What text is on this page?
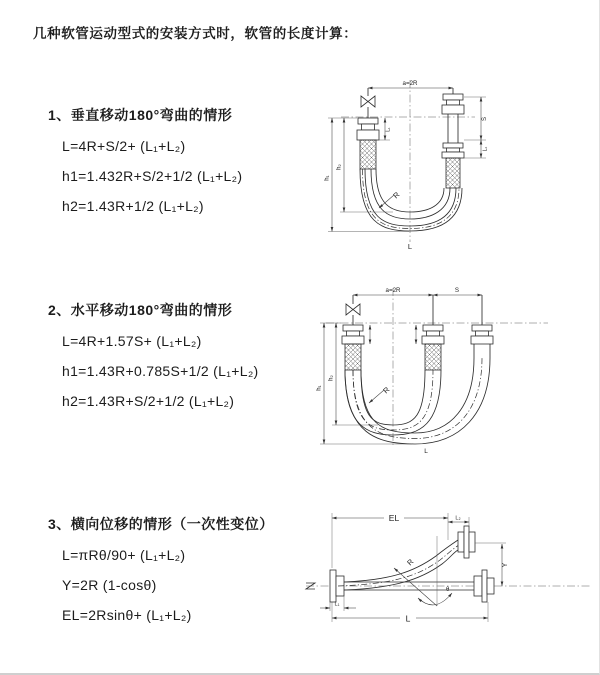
几种软管运动型式的安装方式时，软管的长度计算：
1、垂直移动180°弯曲的情形
L=4R+S/2+ (L₁+L₂)
h1=1.432R+S/2+1/2 (L₁+L₂)
h2=1.43R+1/2 (L₁+L₂)
2、水平移动180°弯曲的情形
L=4R+1.57S+ (L₁+L₂)
h1=1.43R+0.785S+1/2 (L₁+L₂)
h2=1.43R+S/2+1/2 (L₁+L₂)
3、横向位移的情形（一次性变位）
L=πRθ/90+ (L₁+L₂)
Y=2R (1-cosθ)
EL=2Rsinθ+ (L₁+L₂)
a=2R
S
L₂
h₁
h₂
L₁
R
L
a=2R	S
h₁
h₂
R
L
EL	L₂
Y
θ
R
L
L₁
